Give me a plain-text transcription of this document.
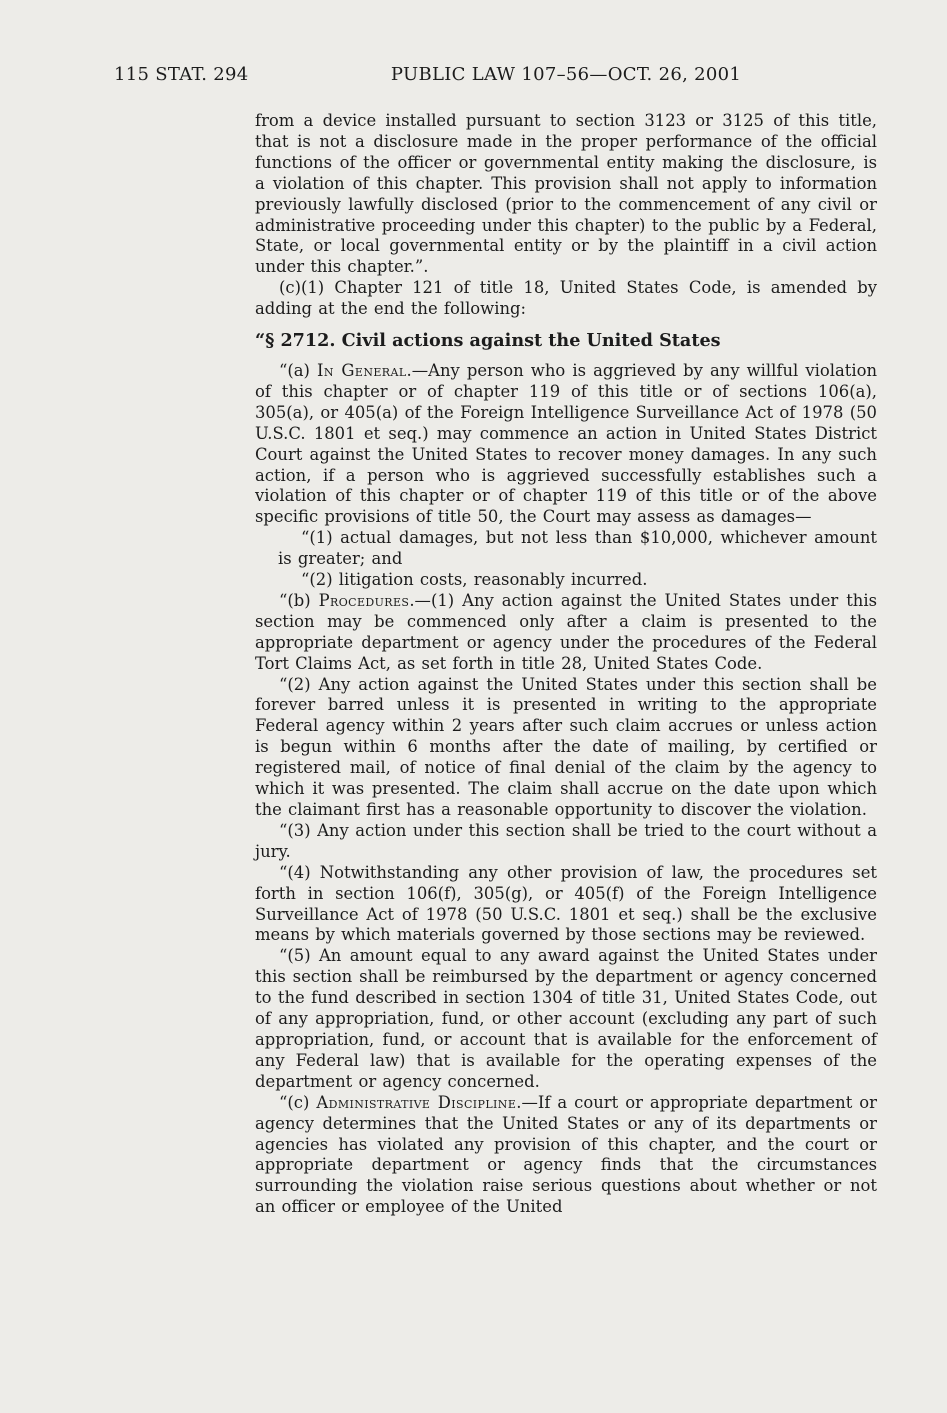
115 STAT. 294	PUBLIC LAW 107–56—OCT. 26, 2001

from a device installed pursuant to section 3123 or 3125 of this title, that is not a disclosure made in the proper performance of the official functions of the officer or governmental entity making the disclosure, is a violation of this chapter. This provision shall not apply to information previously lawfully disclosed (prior to the commencement of any civil or administrative proceeding under this chapter) to the public by a Federal, State, or local governmental entity or by the plaintiff in a civil action under this chapter.”.

(c)(1) Chapter 121 of title 18, United States Code, is amended by adding at the end the following:

“§ 2712. Civil actions against the United States

“(a) In General.—Any person who is aggrieved by any willful violation of this chapter or of chapter 119 of this title or of sections 106(a), 305(a), or 405(a) of the Foreign Intelligence Surveillance Act of 1978 (50 U.S.C. 1801 et seq.) may commence an action in United States District Court against the United States to recover money damages. In any such action, if a person who is aggrieved successfully establishes such a violation of this chapter or of chapter 119 of this title or of the above specific provisions of title 50, the Court may assess as damages—

“(1) actual damages, but not less than $10,000, whichever amount is greater; and

“(2) litigation costs, reasonably incurred.

“(b) Procedures.—(1) Any action against the United States under this section may be commenced only after a claim is presented to the appropriate department or agency under the procedures of the Federal Tort Claims Act, as set forth in title 28, United States Code.

“(2) Any action against the United States under this section shall be forever barred unless it is presented in writing to the appropriate Federal agency within 2 years after such claim accrues or unless action is begun within 6 months after the date of mailing, by certified or registered mail, of notice of final denial of the claim by the agency to which it was presented. The claim shall accrue on the date upon which the claimant first has a reasonable opportunity to discover the violation.

“(3) Any action under this section shall be tried to the court without a jury.

“(4) Notwithstanding any other provision of law, the procedures set forth in section 106(f), 305(g), or 405(f) of the Foreign Intelligence Surveillance Act of 1978 (50 U.S.C. 1801 et seq.) shall be the exclusive means by which materials governed by those sections may be reviewed.

“(5) An amount equal to any award against the United States under this section shall be reimbursed by the department or agency concerned to the fund described in section 1304 of title 31, United States Code, out of any appropriation, fund, or other account (excluding any part of such appropriation, fund, or account that is available for the enforcement of any Federal law) that is available for the operating expenses of the department or agency concerned.

“(c) Administrative Discipline.—If a court or appropriate department or agency determines that the United States or any of its departments or agencies has violated any provision of this chapter, and the court or appropriate department or agency finds that the circumstances surrounding the violation raise serious questions about whether or not an officer or employee of the United
